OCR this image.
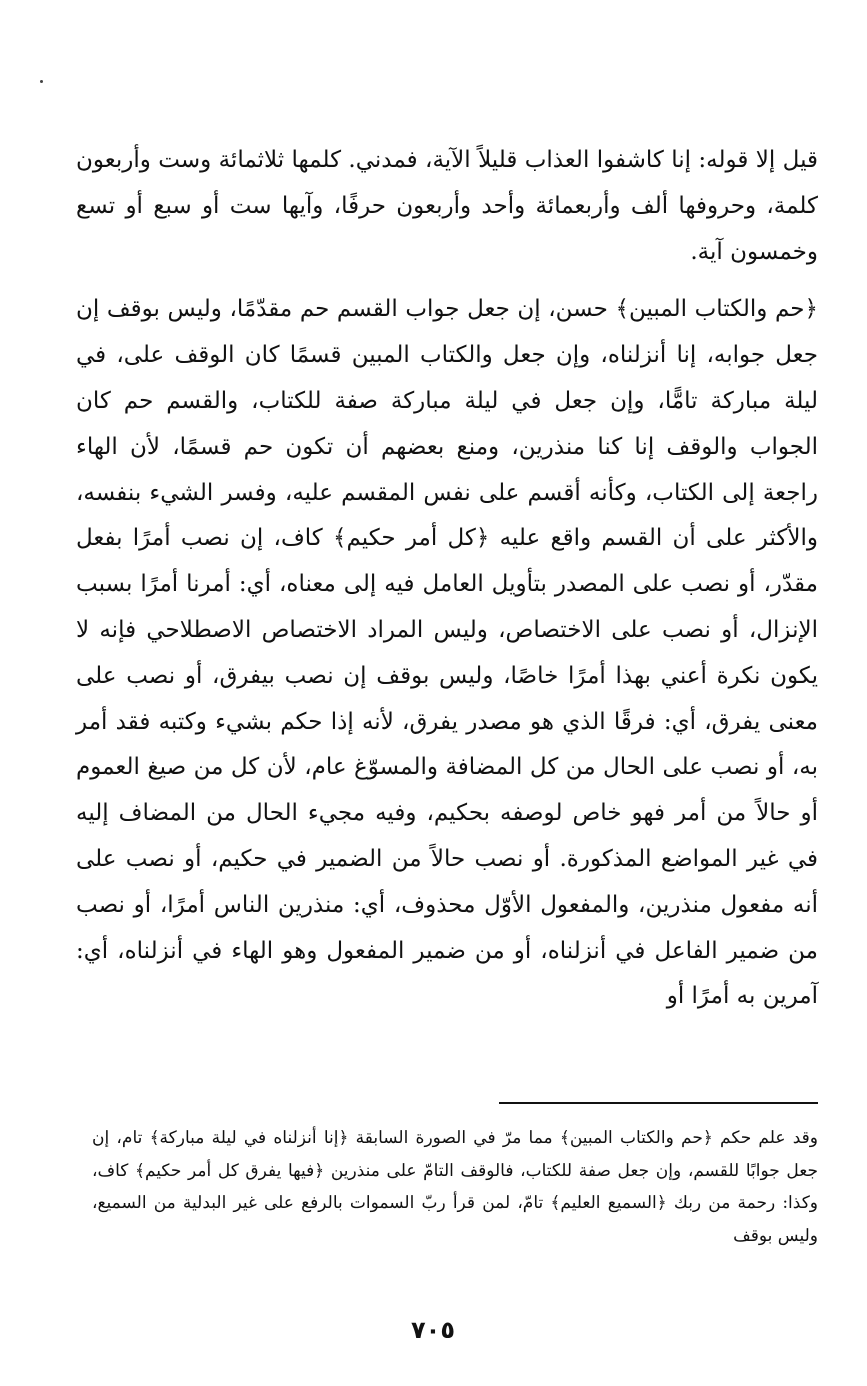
قيل إلا قوله: إنا كاشفوا العذاب قليلاً الآية، فمدني. كلمها ثلاثمائة وست وأربعون كلمة، وحروفها ألف وأربعمائة وأحد وأربعون حرفًا، وآيها ست أو سبع أو تسع وخمسون آية.

﴿حم والكتاب المبين﴾ حسن، إن جعل جواب القسم حم مقدّمًا، وليس بوقف إن جعل جوابه، إنا أنزلناه، وإن جعل والكتاب المبين قسمًا كان الوقف على، في ليلة مباركة تامًّا، وإن جعل في ليلة مباركة صفة للكتاب، والقسم حم كان الجواب والوقف إنا كنا منذرين، ومنع بعضهم أن تكون حم قسمًا، لأن الهاء راجعة إلى الكتاب، وكأنه أقسم على نفس المقسم عليه، وفسر الشيء بنفسه، والأكثر على أن القسم واقع عليه ﴿كل أمر حكيم﴾ كاف، إن نصب أمرًا بفعل مقدّر، أو نصب على المصدر بتأويل العامل فيه إلى معناه، أي: أمرنا أمرًا بسبب الإنزال، أو نصب على الاختصاص، وليس المراد الاختصاص الاصطلاحي فإنه لا يكون نكرة أعني بهذا أمرًا خاصًا، وليس بوقف إن نصب بيفرق، أو نصب على معنى يفرق، أي: فرقًا الذي هو مصدر يفرق، لأنه إذا حكم بشيء وكتبه فقد أمر به، أو نصب على الحال من كل المضافة والمسوّغ عام، لأن كل من صيغ العموم أو حالاً من أمر فهو خاص لوصفه بحكيم، وفيه مجيء الحال من المضاف إليه في غير المواضع المذكورة. أو نصب حالاً من الضمير في حكيم، أو نصب على أنه مفعول منذرين، والمفعول الأوّل محذوف، أي: منذرين الناس أمرًا، أو نصب من ضمير الفاعل في أنزلناه، أو من ضمير المفعول وهو الهاء في أنزلناه، أي: آمرين به أمرًا أو

وقد علم حكم ﴿حم والكتاب المبين﴾ مما مرّ في الصورة السابقة ﴿إنا أنزلناه في ليلة مباركة﴾ تام، إن جعل جوابًا للقسم، وإن جعل صفة للكتاب، فالوقف التامّ على منذرين ﴿فيها يفرق كل أمر حكيم﴾ كاف، وكذا: رحمة من ربك ﴿السميع العليم﴾ تامّ، لمن قرأ ربّ السموات بالرفع على غير البدلية من السميع، وليس بوقف

٧٠٥
